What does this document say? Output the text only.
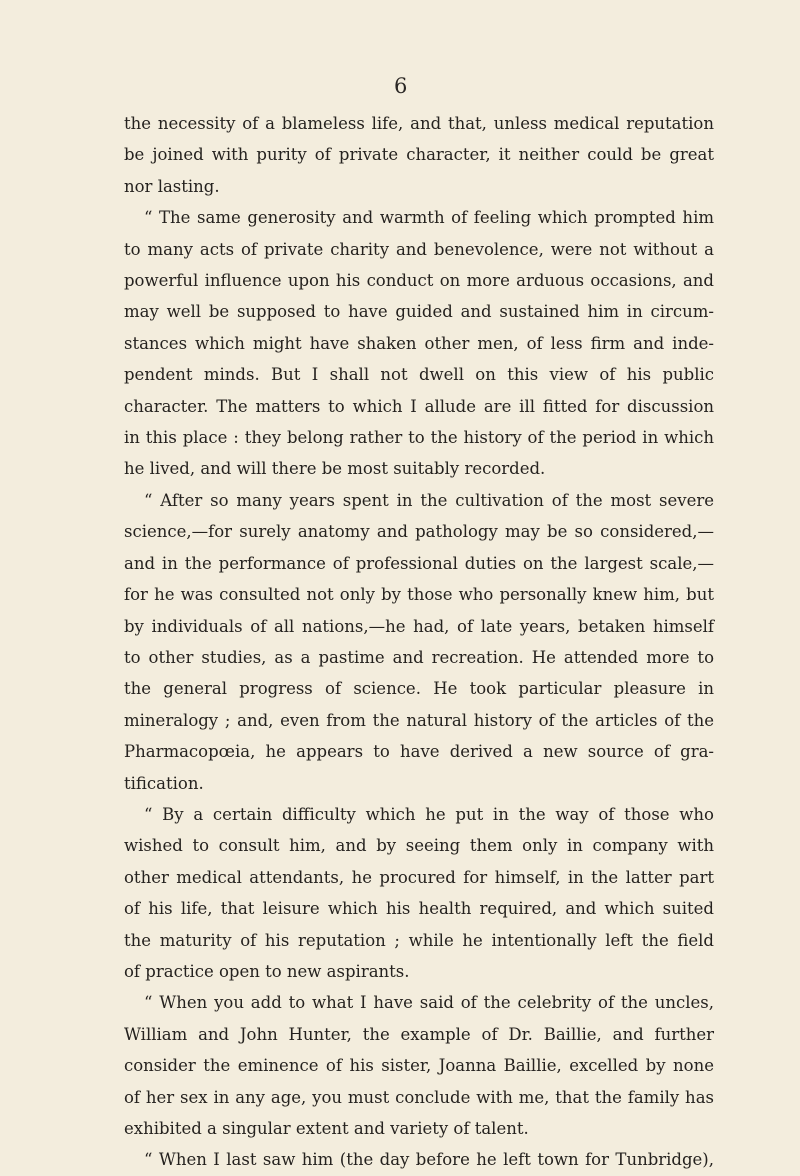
6
the necessity of a blameless life, and that, unless medical reputation
be joined with purity of private character, it neither could be great
nor lasting.
“ The same generosity and warmth of feeling which prompted him
to many acts of private charity and benevolence, were not without a
powerful influence upon his conduct on more arduous occasions, and
may well be supposed to have guided and sustained him in circum-
stances which might have shaken other men, of less firm and inde-
pendent minds. But I shall not dwell on this view of his public
character. The matters to which I allude are ill fitted for discussion
in this place : they belong rather to the history of the period in which
he lived, and will there be most suitably recorded.
“ After so many years spent in the cultivation of the most severe
science,—for surely anatomy and pathology may be so considered,—
and in the performance of professional duties on the largest scale,—
for he was consulted not only by those who personally knew him, but
by individuals of all nations,—he had, of late years, betaken himself
to other studies, as a pastime and recreation. He attended more to
the general progress of science. He took particular pleasure in
mineralogy ; and, even from the natural history of the articles of the
Pharmacopœia, he appears to have derived a new source of gra-
tification.
“ By a certain difficulty which he put in the way of those who
wished to consult him, and by seeing them only in company with
other medical attendants, he procured for himself, in the latter part
of his life, that leisure which his health required, and which suited
the maturity of his reputation ; while he intentionally left the field
of practice open to new aspirants.
“ When you add to what I have said of the celebrity of the uncles,
William and John Hunter, the example of Dr. Baillie, and further
consider the eminence of his sister, Joanna Baillie, excelled by none
of her sex in any age, you must conclude with me, that the family has
exhibited a singular extent and variety of talent.
“ When I last saw him (the day before he left town for Tunbridge),
